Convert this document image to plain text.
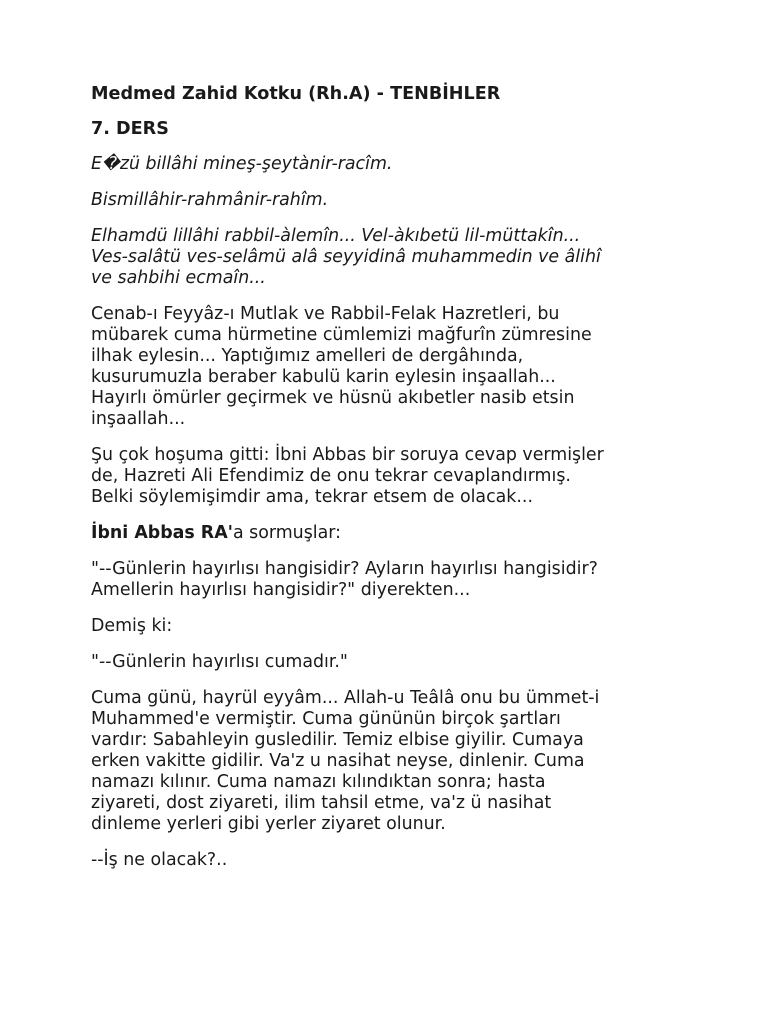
Medmed Zahid Kotku (Rh.A) - TENBİHLER
7. DERS

E�zü billâhi mineş-şeytànir-racîm.

Bismillâhir-rahmânir-rahîm.

Elhamdü lillâhi rabbil-àlemîn... Vel-àkıbetü lil-müttakîn...
Ves-salâtü ves-selâmü alâ seyyidinâ muhammedin ve âlihî
ve sahbihi ecmaîn...

Cenab-ı Feyyâz-ı Mutlak ve Rabbil-Felak Hazretleri, bu
mübarek cuma hürmetine cümlemizi mağfurîn zümresine
ilhak eylesin... Yaptığımız amelleri de dergâhında,
kusurumuzla beraber kabulü karin eylesin inşaallah...
Hayırlı ömürler geçirmek ve hüsnü akıbetler nasib etsin
inşaallah...

Şu çok hoşuma gitti: İbni Abbas bir soruya cevap vermişler
de, Hazreti Ali Efendimiz de onu tekrar cevaplandırmış.
Belki söylemişimdir ama, tekrar etsem de olacak...

İbni Abbas RA'a sormuşlar:

"--Günlerin hayırlısı hangisidir? Ayların hayırlısı hangisidir?
Amellerin hayırlısı hangisidir?" diyerekten...

Demiş ki:

"--Günlerin hayırlısı cumadır."

Cuma günü, hayrül eyyâm... Allah-u Teâlâ onu bu ümmet-i
Muhammed'e vermiştir. Cuma gününün birçok şartları
vardır: Sabahleyin gusledilir. Temiz elbise giyilir. Cumaya
erken vakitte gidilir. Va'z u nasihat neyse, dinlenir. Cuma
namazı kılınır. Cuma namazı kılındıktan sonra; hasta
ziyareti, dost ziyareti, ilim tahsil etme, va'z ü nasihat
dinleme yerleri gibi yerler ziyaret olunur.

--İş ne olacak?..
